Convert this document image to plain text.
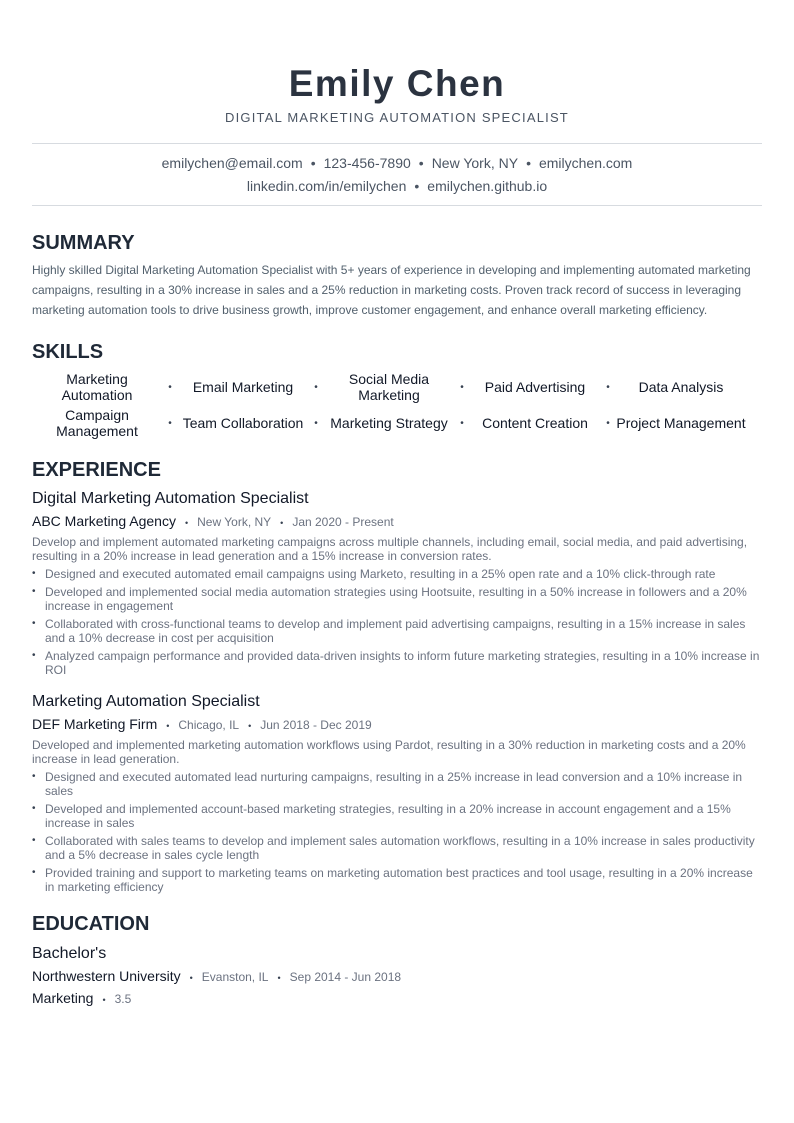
Emily Chen
DIGITAL MARKETING AUTOMATION SPECIALIST
emilychen@email.com • 123-456-7890 • New York, NY • emilychen.com
linkedin.com/in/emilychen • emilychen.github.io
SUMMARY
Highly skilled Digital Marketing Automation Specialist with 5+ years of experience in developing and implementing automated marketing campaigns, resulting in a 30% increase in sales and a 25% reduction in marketing costs. Proven track record of success in leveraging marketing automation tools to drive business growth, improve customer engagement, and enhance overall marketing efficiency.
SKILLS
Marketing Automation	•	Email Marketing	•	Social Media Marketing	•	Paid Advertising	•	Data Analysis
Campaign Management	• Team Collaboration	• Marketing Strategy	•	Content Creation	• Project Management
EXPERIENCE
Digital Marketing Automation Specialist
ABC Marketing Agency • New York, NY • Jan 2020 - Present
Develop and implement automated marketing campaigns across multiple channels, including email, social media, and paid advertising, resulting in a 20% increase in lead generation and a 15% increase in conversion rates.
• Designed and executed automated email campaigns using Marketo, resulting in a 25% open rate and a 10% click-through rate
• Developed and implemented social media automation strategies using Hootsuite, resulting in a 50% increase in followers and a 20% increase in engagement
• Collaborated with cross-functional teams to develop and implement paid advertising campaigns, resulting in a 15% increase in sales and a 10% decrease in cost per acquisition
• Analyzed campaign performance and provided data-driven insights to inform future marketing strategies, resulting in a 10% increase in ROI
Marketing Automation Specialist
DEF Marketing Firm • Chicago, IL • Jun 2018 - Dec 2019
Developed and implemented marketing automation workflows using Pardot, resulting in a 30% reduction in marketing costs and a 20% increase in lead generation.
• Designed and executed automated lead nurturing campaigns, resulting in a 25% increase in lead conversion and a 10% increase in sales
• Developed and implemented account-based marketing strategies, resulting in a 20% increase in account engagement and a 15% increase in sales
• Collaborated with sales teams to develop and implement sales automation workflows, resulting in a 10% increase in sales productivity and a 5% decrease in sales cycle length
• Provided training and support to marketing teams on marketing automation best practices and tool usage, resulting in a 20% increase in marketing efficiency
EDUCATION
Bachelor's
Northwestern University • Evanston, IL • Sep 2014 - Jun 2018
Marketing • 3.5
